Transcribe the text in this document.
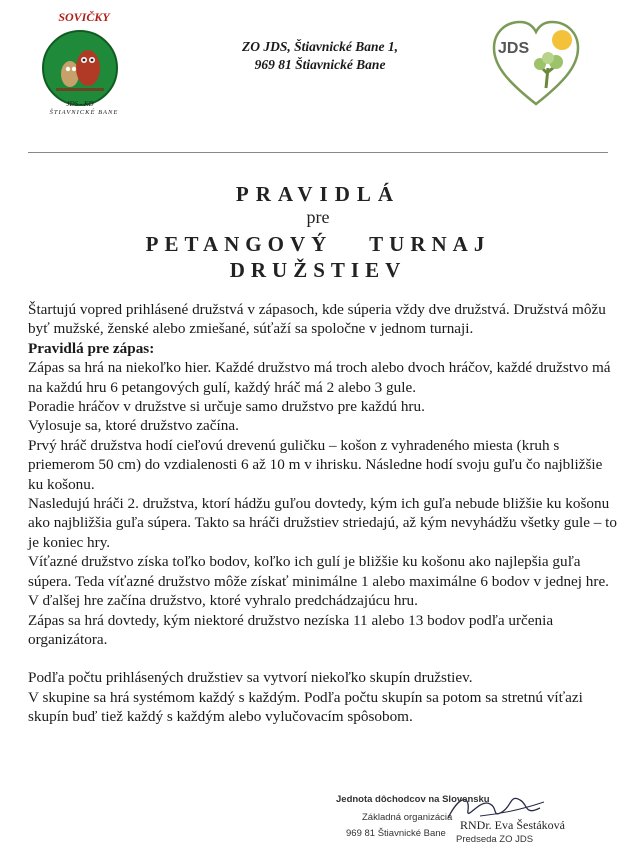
SOVIČKY
JDS - KD
ŠTIAVNICKÉ BANE
ZO JDS, Štiavnické Bane 1,
969 81 Štiavnické Bane
JDS
PRAVIDLÁ
pre
PETANGOVÝ TURNAJ
DRUŽSTIEV

Štartujú vopred prihlásené družstvá v zápasoch, kde súperia vždy dve družstvá. Družstvá môžu byť mužské, ženské alebo zmiešané, súťaží sa spoločne v jednom turnaji.

Pravidlá pre zápas:

Zápas sa hrá na niekoľko hier. Každé družstvo má troch alebo dvoch hráčov, každé družstvo má na každú hru 6 petangových gulí, každý hráč má 2 alebo 3 gule.

Poradie hráčov v družstve si určuje samo družstvo pre každú hru.

Vylosuje sa, ktoré družstvo začína.

Prvý hráč družstva hodí cieľovú drevenú guličku – košon z vyhradeného miesta (kruh s priemerom 50 cm) do vzdialenosti 6 až 10 m v ihrisku. Následne hodí svoju guľu čo najbližšie ku košonu.

Nasledujú hráči 2. družstva, ktorí hádžu guľou dovtedy, kým ich guľa nebude bližšie ku košonu ako najbližšia guľa súpera. Takto sa hráči družstiev striedajú, až kým nevyhádžu všetky gule – to je koniec hry.

Víťazné družstvo získa toľko bodov, koľko ich gulí je bližšie ku košonu ako najlepšia guľa súpera. Teda víťazné družstvo môže získať minimálne 1 alebo maximálne 6 bodov v jednej hre.

V ďalšej hre začína družstvo, ktoré vyhralo predchádzajúcu hru.

Zápas sa hrá dovtedy, kým niektoré družstvo nezíska 11 alebo 13 bodov podľa určenia organizátora.

Podľa počtu prihlásených družstiev sa vytvorí niekoľko skupín družstiev.

V skupine sa hrá systémom každý s každým. Podľa počtu skupín sa potom sa stretnú víťazi skupín buď tiež každý s každým alebo vylučovacím spôsobom.

Jednota dôchodcov na Slovensku
Základná organizácia
969 81 Štiavnické Bane
RNDr. Eva Šestáková
Predseda ZO JDS
